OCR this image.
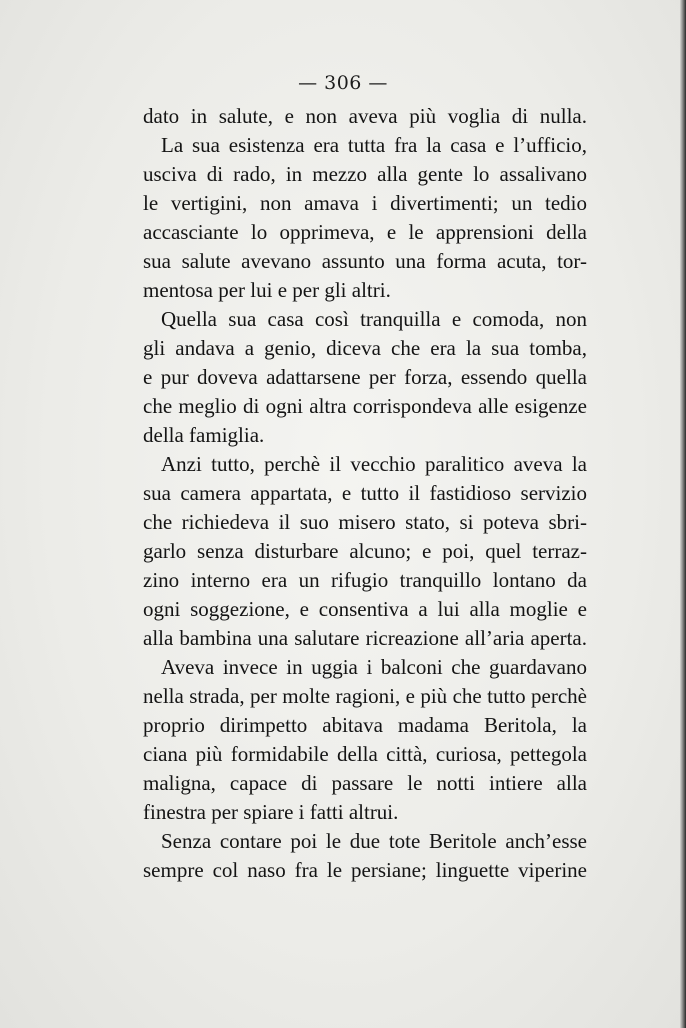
— 306 —
dato in salute, e non aveva più voglia di nulla.
La sua esistenza era tutta fra la casa e l’ufficio,
usciva di rado, in mezzo alla gente lo assalivano
le vertigini, non amava i divertimenti; un tedio
accasciante lo opprimeva, e le apprensioni della
sua salute avevano assunto una forma acuta, tor-
mentosa per lui e per gli altri.
Quella sua casa così tranquilla e comoda, non
gli andava a genio, diceva che era la sua tomba,
e pur doveva adattarsene per forza, essendo quella
che meglio di ogni altra corrispondeva alle esigenze
della famiglia.
Anzi tutto, perchè il vecchio paralitico aveva la
sua camera appartata, e tutto il fastidioso servizio
che richiedeva il suo misero stato, si poteva sbri-
garlo senza disturbare alcuno; e poi, quel terraz-
zino interno era un rifugio tranquillo lontano da
ogni soggezione, e consentiva a lui alla moglie e
alla bambina una salutare ricreazione all’aria aperta.
Aveva invece in uggia i balconi che guardavano
nella strada, per molte ragioni, e più che tutto perchè
proprio dirimpetto abitava madama Beritola, la
ciana più formidabile della città, curiosa, pettegola
maligna, capace di passare le notti intiere alla
finestra per spiare i fatti altrui.
Senza contare poi le due tote Beritole anch’esse
sempre col naso fra le persiane; linguette viperine
